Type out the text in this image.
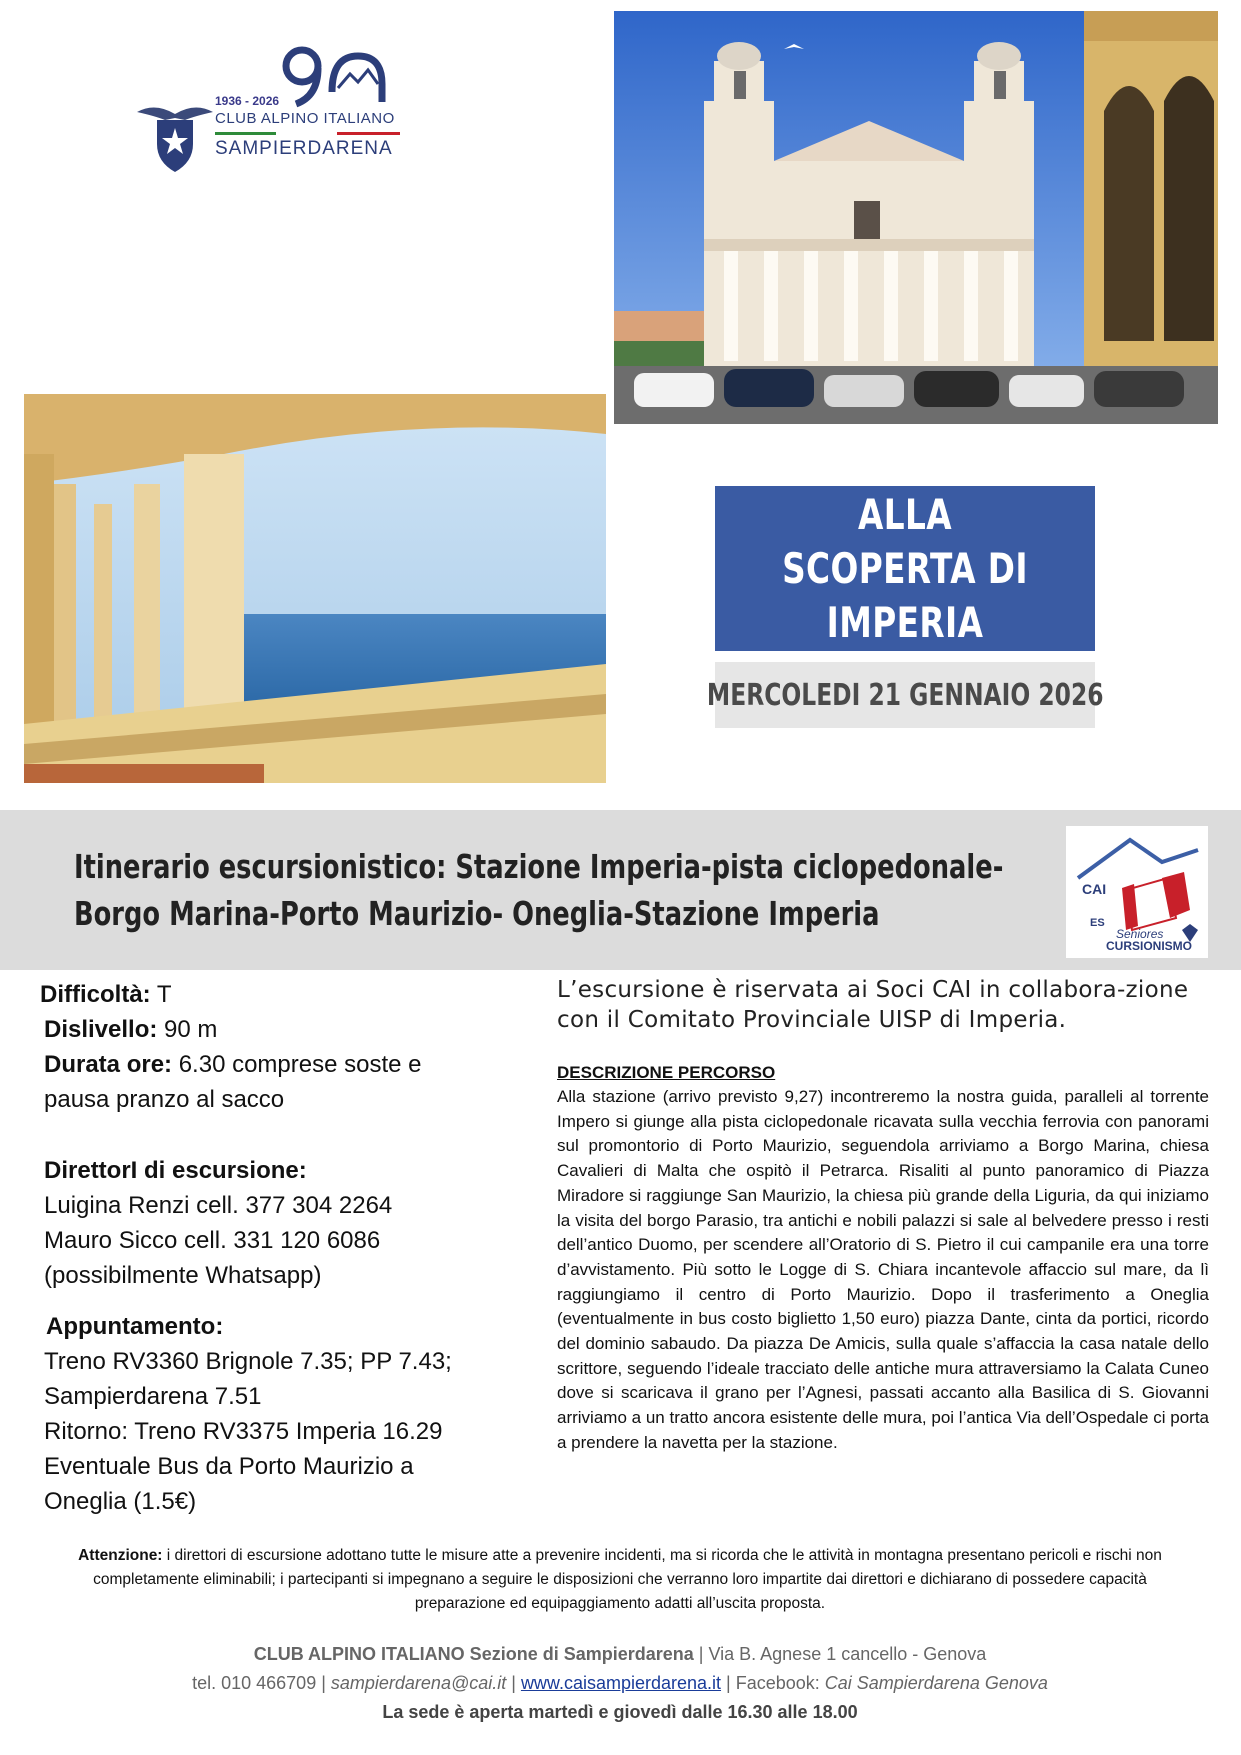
1936 - 2026
CLUB ALPINO ITALIANO
SAMPIERDARENA
ALLA SCOPERTA DI
IMPERIA
MERCOLEDI 21 GENNAIO 2026
Itinerario escursionistico: Stazione Imperia-pista ciclopedonale-
Borgo Marina-Porto Maurizio- Oneglia-Stazione Imperia
CAI
ES
Seniores
CURSIONISMO
Difficoltà: T
Dislivello: 90 m
Durata ore: 6.30 comprese soste e
pausa pranzo al sacco
DirettorI di escursione:
Luigina Renzi cell. 377 304 2264
Mauro Sicco cell. 331 120 6086
(possibilmente Whatsapp)
Appuntamento:
Treno RV3360 Brignole 7.35; PP 7.43;
Sampierdarena 7.51
Ritorno: Treno RV3375 Imperia 16.29
Eventuale Bus da Porto Maurizio a
Oneglia (1.5€)
L’escursione è riservata ai Soci CAI in collabora-zione con il Comitato Provinciale UISP di Imperia.
DESCRIZIONE PERCORSO
Alla stazione (arrivo previsto 9,27) incontreremo la nostra guida, paralleli al torrente Impero si giunge alla pista ciclopedonale ricavata sulla vecchia ferrovia con panorami sul promontorio di Porto Maurizio, seguendola arriviamo a Borgo Marina, chiesa Cavalieri di Malta che ospitò il Petrarca. Risaliti al punto panoramico di Piazza Miradore si raggiunge San Maurizio, la chiesa più grande della Liguria, da qui iniziamo la visita del borgo Parasio, tra antichi e nobili palazzi si sale al belvedere presso i resti dell’antico Duomo, per scendere all’Oratorio di S. Pietro il cui campanile era una torre d’avvistamento. Più sotto le Logge di S. Chiara incantevole affaccio sul mare, da lì raggiungiamo il centro di Porto Maurizio. Dopo il trasferimento a Oneglia (eventualmente in bus costo biglietto 1,50 euro) piazza Dante, cinta da portici, ricordo del dominio sabaudo. Da piazza De Amicis, sulla quale s’affaccia la casa natale dello scrittore, seguendo l’ideale tracciato delle antiche mura attraversiamo la Calata Cuneo dove si scaricava il grano per l’Agnesi, passati accanto alla Basilica di S. Giovanni arriviamo a un tratto ancora esistente delle mura, poi l’antica Via dell’Ospedale ci porta a prendere la navetta per la stazione.
Attenzione: i direttori di escursione adottano tutte le misure atte a prevenire incidenti, ma si ricorda che le attività in montagna presentano pericoli e rischi non completamente eliminabili; i partecipanti si impegnano a seguire le disposizioni che verranno loro impartite dai direttori e dichiarano di possedere capacità preparazione ed equipaggiamento adatti all’uscita proposta.
CLUB ALPINO ITALIANO Sezione di Sampierdarena | Via B. Agnese 1 cancello - Genova
tel. 010 466709 | sampierdarena@cai.it | www.caisampierdarena.it | Facebook: Cai Sampierdarena Genova
La sede è aperta martedì e giovedì dalle 16.30 alle 18.00
